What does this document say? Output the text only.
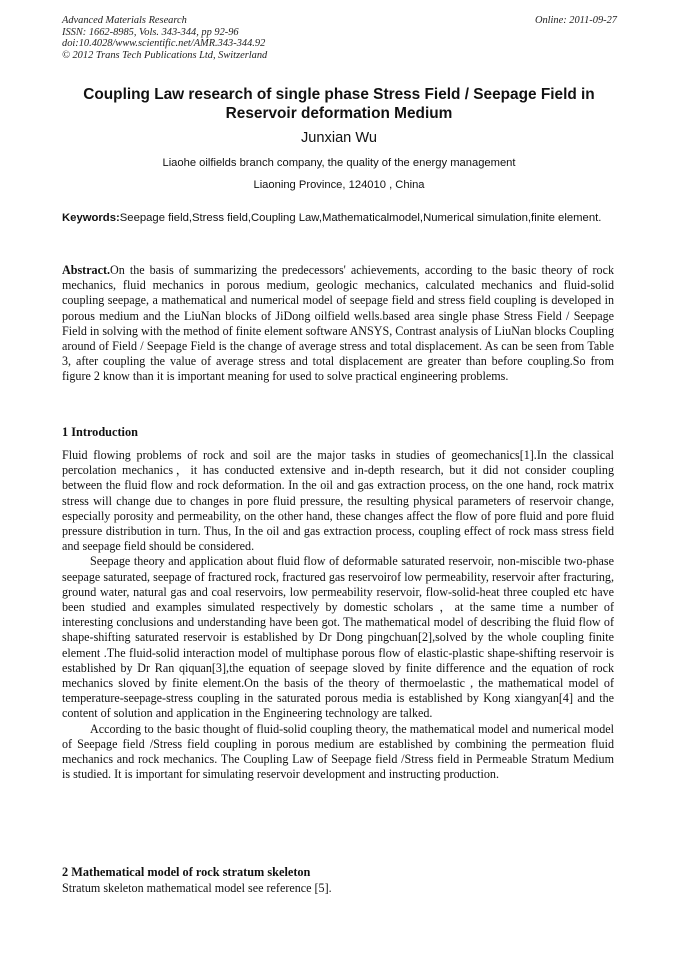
Advanced Materials Research
ISSN: 1662-8985, Vols. 343-344, pp 92-96
doi:10.4028/www.scientific.net/AMR.343-344.92
© 2012 Trans Tech Publications Ltd, Switzerland
Online: 2011-09-27
Coupling Law research of single phase Stress Field / Seepage Field in Reservoir deformation Medium
Junxian Wu
Liaohe oilfields branch company, the quality of the energy management
Liaoning Province, 124010 , China
Keywords:Seepage field,Stress field,Coupling Law,Mathematicalmodel,Numerical simulation,finite element.
Abstract.On the basis of summarizing the predecessors' achievements, according to the basic theory of rock mechanics, fluid mechanics in porous medium, geologic mechanics, calculated mechanics and fluid-solid coupling seepage, a mathematical and numerical model of seepage field and stress field coupling is developed in porous medium and the LiuNan blocks of JiDong oilfield wells.based area single phase Stress Field / Seepage Field in solving with the method of finite element software ANSYS, Contrast analysis of LiuNan blocks Coupling around of Field / Seepage Field is the change of average stress and total displacement. As can be seen from Table 3, after coupling the value of average stress and total displacement are greater than before coupling.So from figure 2 know than it is important meaning for used to solve practical engineering problems.
1 Introduction

Fluid flowing problems of rock and soil are the major tasks in studies of geomechanics[1].In the classical percolation mechanics，it has conducted extensive and in-depth research, but it did not consider coupling between the fluid flow and rock deformation. In the oil and gas extraction process, on the one hand, rock matrix stress will change due to changes in pore fluid pressure, the resulting physical parameters of reservoir change, especially porosity and permeability, on the other hand, these changes affect the flow of pore fluid and pore fluid pressure distribution in turn. Thus, In the oil and gas extraction process, coupling effect of rock mass stress field and seepage field should be considered.

Seepage theory and application about fluid flow of deformable saturated reservoir, non-miscible two-phase seepage saturated, seepage of fractured rock, fractured gas reservoirof low permeability, reservoir after fracturing, ground water, natural gas and coal reservoirs, low permeability reservoir, flow-solid-heat three coupled etc have been studied and examples simulated respectively by domestic scholars ，at the same time a number of interesting conclusions and understanding have been got. The mathematical model of describing the fluid flow of shape-shifting saturated reservoir is established by Dr Dong pingchuan[2],solved by the whole coupling finite element .The fluid-solid interaction model of multiphase porous flow of elastic-plastic shape-shifting reservoir is established by Dr Ran qiquan[3],the equation of seepage sloved by finite difference and the equation of rock mechanics sloved by finite element.On the basis of the theory of thermoelastic , the mathematical model of temperature-seepage-stress coupling in the saturated porous media is established by Kong xiangyan[4] and the content of solution and application in the Engineering technology are talked.

According to the basic thought of fluid-solid coupling theory, the mathematical model and numerical model of Seepage field /Stress field coupling in porous medium are established by combining the permeation fluid mechanics and rock mechanics. The Coupling Law of Seepage field /Stress field in Permeable Stratum Medium is studied. It is important for simulating reservoir development and instructing production.

2 Mathematical model of rock stratum skeleton
Stratum skeleton mathematical model see reference [5].
